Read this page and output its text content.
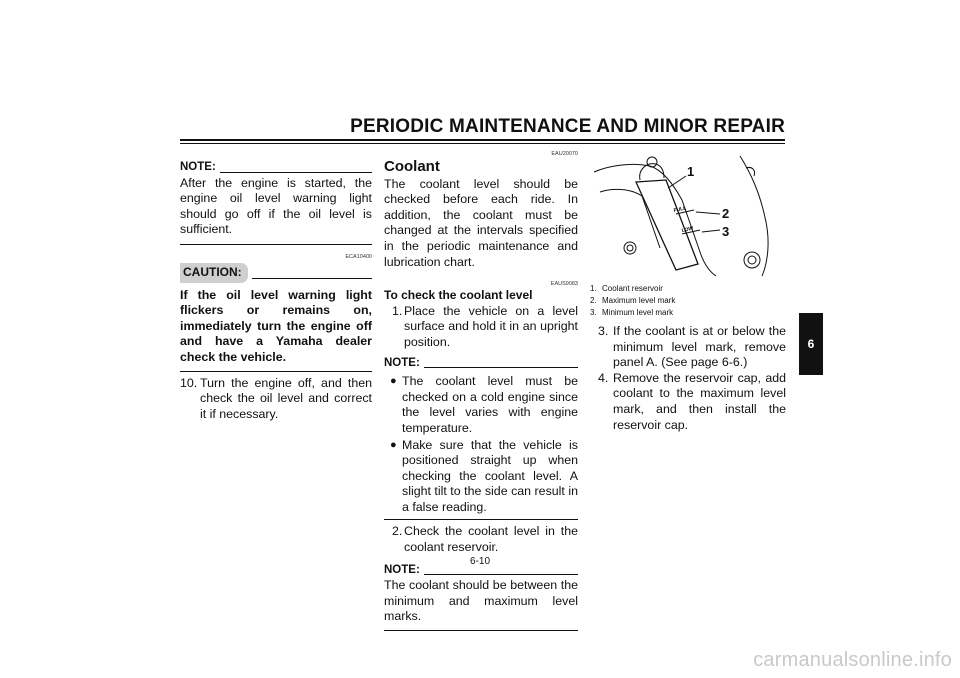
PERIODIC MAINTENANCE AND MINOR REPAIR
6
NOTE:

After the engine is started, the engine oil level warning light should go off if the oil level is sufficient.

ECA10400
CAUTION:

If the oil level warning light flickers or remains on, immediately turn the engine off and have a Yamaha dealer check the vehicle.

10. Turn the engine off, and then check the oil level and correct it if necessary.
EAU20070
Coolant

The coolant level should be checked before each ride. In addition, the coolant must be changed at the intervals specified in the periodic maintenance and lubrication chart.

EAUS9083
To check the coolant level
1. Place the vehicle on a level surface and hold it in an upright position.
NOTE:
● The coolant level must be checked on a cold engine since the level varies with engine temperature.
● Make sure that the vehicle is positioned straight up when checking the coolant level. A slight tilt to the side can result in a false reading.
2. Check the coolant level in the coolant reservoir.
NOTE:

The coolant should be between the minimum and maximum level marks.

FULL
LOW
1
2
3
1. Coolant reservoir
2. Maximum level mark
3. Minimum level mark
3. If the coolant is at or below the minimum level mark, remove panel A. (See page 6-6.)
4. Remove the reservoir cap, add coolant to the maximum level mark, and then install the reservoir cap.
6-10
carmanualsonline.info
